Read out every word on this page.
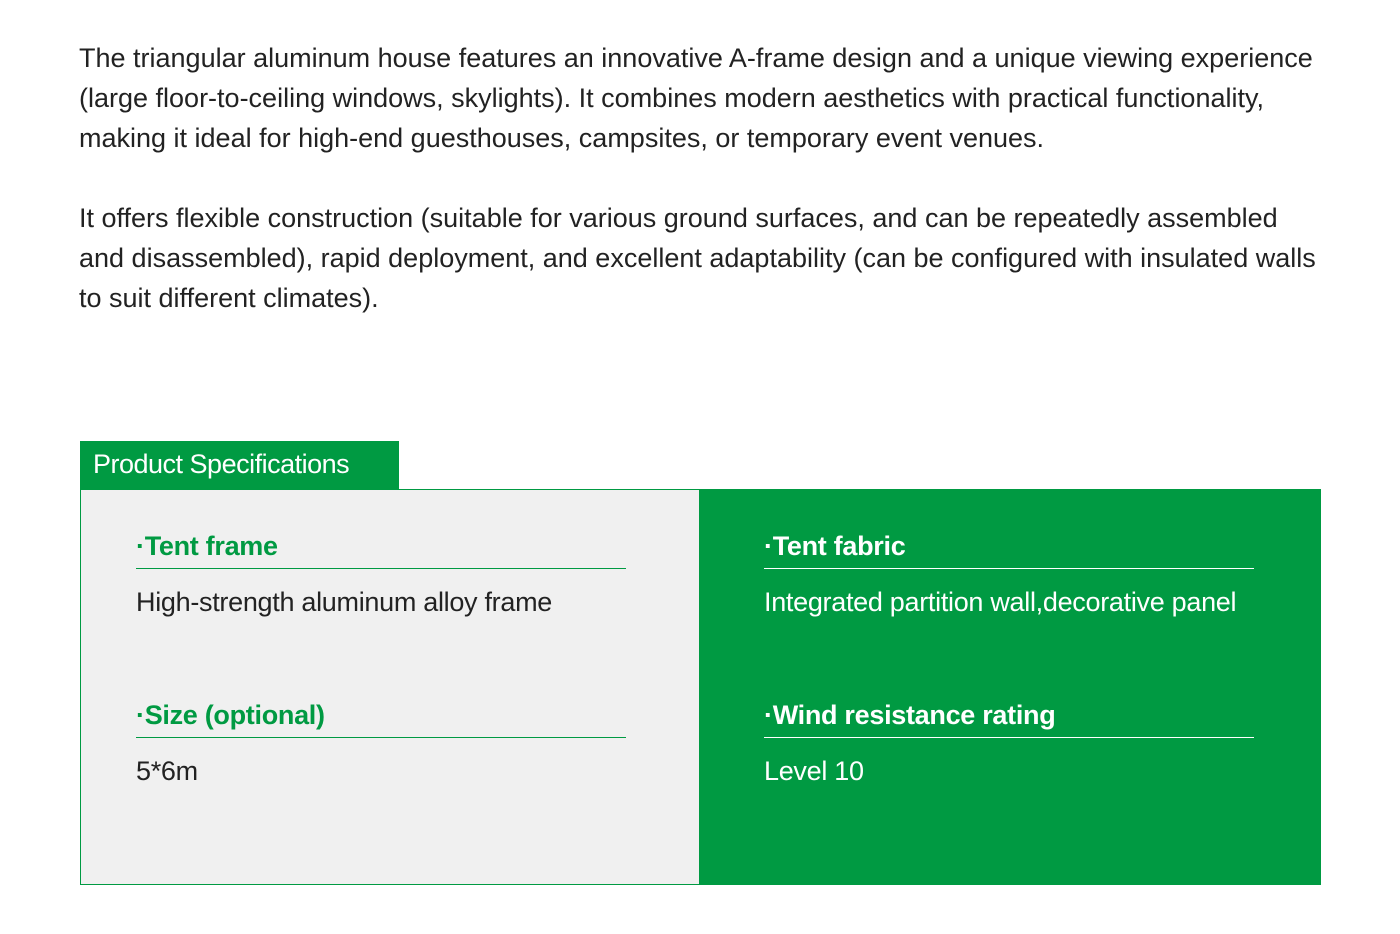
The triangular aluminum house features an innovative A-frame design and a unique viewing experience (large floor-to-ceiling windows, skylights). It combines modern aesthetics with practical functionality, making it ideal for high-end guesthouses, campsites, or temporary event venues.

It offers flexible construction (suitable for various ground surfaces, and can be repeatedly assembled and disassembled), rapid deployment, and excellent adaptability (can be configured with insulated walls to suit different climates).

Product Specifications
·Tent frame
High-strength aluminum alloy frame
·Size (optional)
5*6m
·Tent fabric
Integrated partition wall,decorative panel
·Wind resistance rating
Level 10
